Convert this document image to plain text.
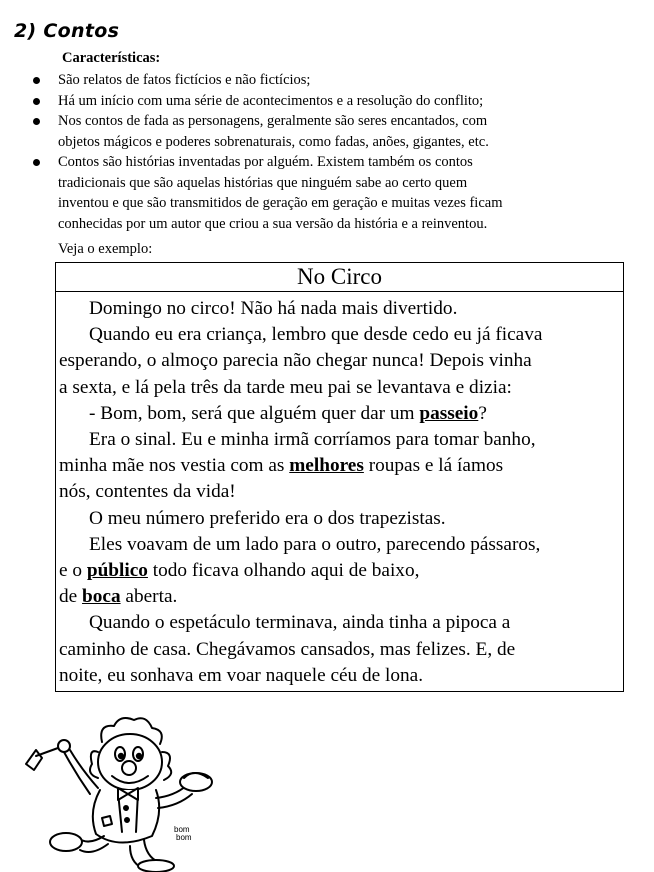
2) Contos
Características:
São relatos de fatos fictícios e não fictícios;
Há um início com uma série de acontecimentos e a resolução do conflito;
Nos contos de fada as personagens, geralmente são seres encantados, com
objetos mágicos e poderes sobrenaturais, como fadas, anões, gigantes, etc.
Contos são histórias inventadas por alguém. Existem também os contos
tradicionais que são aquelas histórias que ninguém sabe ao certo quem
inventou e que são transmitidos de geração em geração e muitas vezes ficam
conhecidas por um autor que criou a sua versão da história e a reinventou.
Veja o exemplo:
No Circo
Domingo no circo! Não há nada mais divertido.
Quando eu era criança, lembro que desde cedo eu já ficava
esperando, o almoço parecia não chegar nunca! Depois vinha
a sexta, e lá pela três da tarde meu pai se levantava e dizia:
- Bom, bom, será que alguém quer dar um passeio?
Era o sinal. Eu e minha irmã corríamos para tomar banho,
minha mãe nos vestia com as melhores roupas e lá íamos
nós, contentes da vida!
O meu número preferido era o dos trapezistas.
Eles voavam de um lado para o outro, parecendo pássaros,
e o público todo ficava olhando aqui de baixo,
de boca aberta.
Quando o espetáculo terminava, ainda tinha a pipoca a
caminho de casa. Chegávamos cansados, mas felizes. E, de
noite, eu sonhava em voar naquele céu de lona.
bom
bom
